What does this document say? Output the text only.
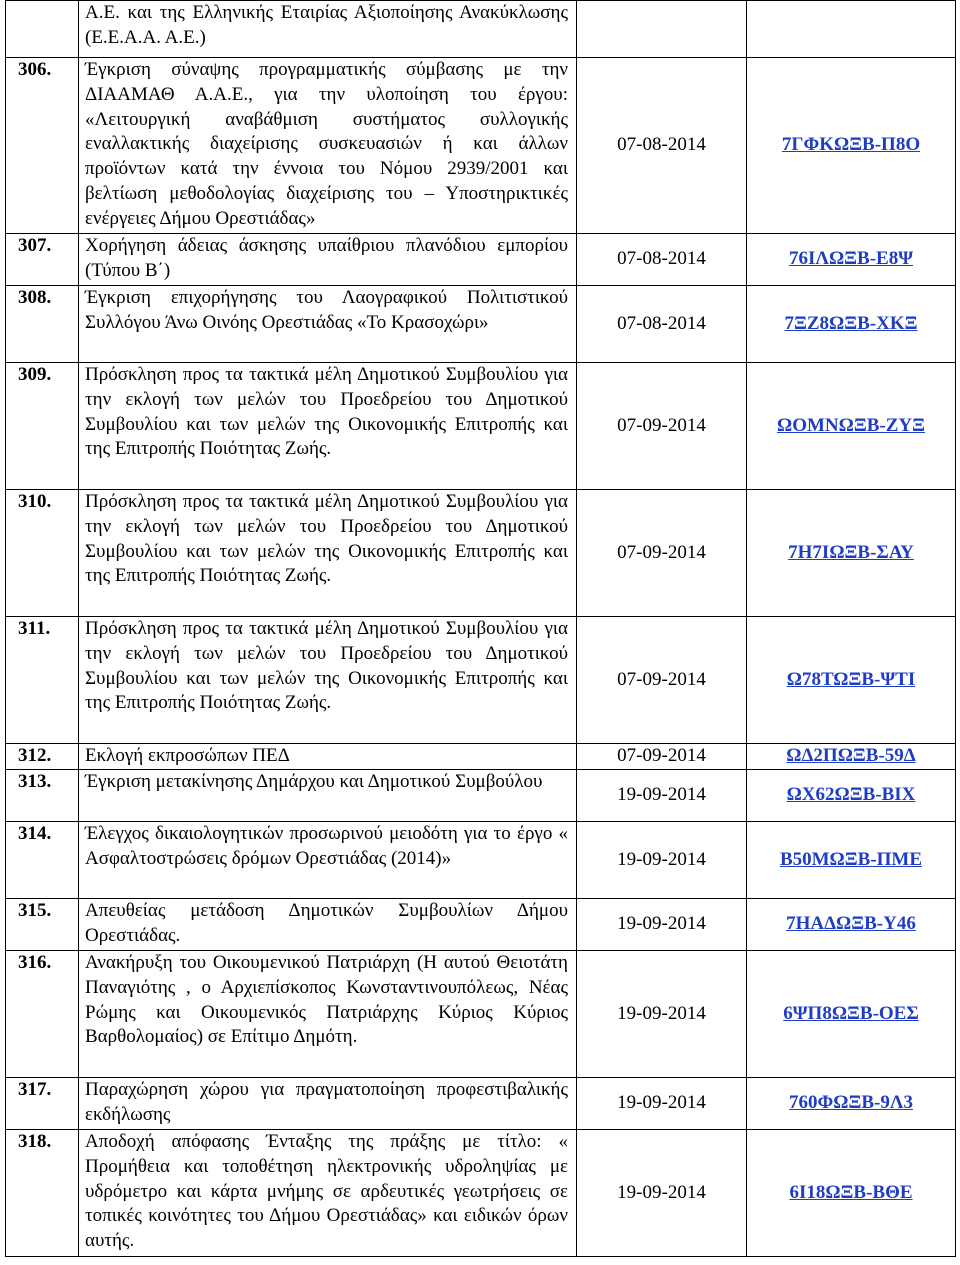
	Α.Ε. και της Ελληνικής Εταιρίας Αξιοποίησης Ανακύκλωσης (Ε.Ε.Α.Α. Α.Ε.)		
306.	Έγκριση σύναψης προγραμματικής σύμβασης με την ΔΙΑΑΜΑΘ Α.Α.Ε., για την υλοποίηση του έργου: «Λειτουργική αναβάθμιση συστήματος συλλογικής εναλλακτικής διαχείρισης συσκευασιών ή και άλλων προϊόντων κατά την έννοια του Νόμου 2939/2001 και βελτίωση μεθοδολογίας διαχείρισης του – Υποστηρικτικές ενέργειες Δήμου Ορεστιάδας»	07-08-2014	7ΓΦΚΩΞΒ-Π8Ο
307.	Χορήγηση άδειας άσκησης υπαίθριου πλανόδιου εμπορίου (Τύπου Β΄)	07-08-2014	76ΙΛΩΞΒ-Ε8Ψ
308.	Έγκριση επιχορήγησης του Λαογραφικού Πολιτιστικού Συλλόγου Άνω Οινόης Ορεστιάδας «Το Κρασοχώρι»	07-08-2014	7ΞΖ8ΩΞΒ-ΧΚΞ
309.	Πρόσκληση προς τα τακτικά μέλη Δημοτικού Συμβουλίου για την εκλογή των μελών του Προεδρείου του Δημοτικού Συμβουλίου και των μελών της Οικονομικής Επιτροπής και της Επιτροπής Ποιότητας Ζωής.	07-09-2014	ΩΟΜΝΩΞΒ-ΖΥΞ
310.	Πρόσκληση προς τα τακτικά μέλη Δημοτικού Συμβουλίου για την εκλογή των μελών του Προεδρείου του Δημοτικού Συμβουλίου και των μελών της Οικονομικής Επιτροπής και της Επιτροπής Ποιότητας Ζωής.	07-09-2014	7Η7ΙΩΞΒ-ΣΑΥ
311.	Πρόσκληση προς τα τακτικά μέλη Δημοτικού Συμβουλίου για την εκλογή των μελών του Προεδρείου του Δημοτικού Συμβουλίου και των μελών της Οικονομικής Επιτροπής και της Επιτροπής Ποιότητας Ζωής.	07-09-2014	Ω78ΤΩΞΒ-ΨΤΙ
312.	Εκλογή εκπροσώπων ΠΕΔ	07-09-2014	ΩΔ2ΠΩΞΒ-59Δ
313.	Έγκριση μετακίνησης Δημάρχου και Δημοτικού Συμβούλου	19-09-2014	ΩΧ62ΩΞΒ-ΒΙΧ
314.	Έλεγχος δικαιολογητικών προσωρινού μειοδότη για το έργο « Ασφαλτοστρώσεις δρόμων Ορεστιάδας (2014)»	19-09-2014	Β50ΜΩΞΒ-ΠΜΕ
315.	Απευθείας μετάδοση Δημοτικών Συμβουλίων Δήμου Ορεστιάδας.	19-09-2014	7ΗΑΔΩΞΒ-Υ46
316.	Ανακήρυξη του Οικουμενικού Πατριάρχη (Η αυτού Θειοτάτη Παναγιότης , ο Αρχιεπίσκοπος Κωνσταντινουπόλεως, Νέας Ρώμης και Οικουμενικός Πατριάρχης Κύριος Κύριος Βαρθολομαίος) σε Επίτιμο Δημότη.	19-09-2014	6ΨΠ8ΩΞΒ-ΟΕΣ
317.	Παραχώρηση χώρου για πραγματοποίηση προφεστιβαλικής εκδήλωσης	19-09-2014	760ΦΩΞΒ-9Λ3
318.	Αποδοχή απόφασης Ένταξης της πράξης με τίτλο: « Προμήθεια και τοποθέτηση ηλεκτρονικής υδροληψίας με υδρόμετρο και κάρτα μνήμης σε αρδευτικές γεωτρήσεις σε τοπικές κοινότητες του Δήμου Ορεστιάδας» και ειδικών όρων αυτής.	19-09-2014	6Ι18ΩΞΒ-ΒΘΕ
